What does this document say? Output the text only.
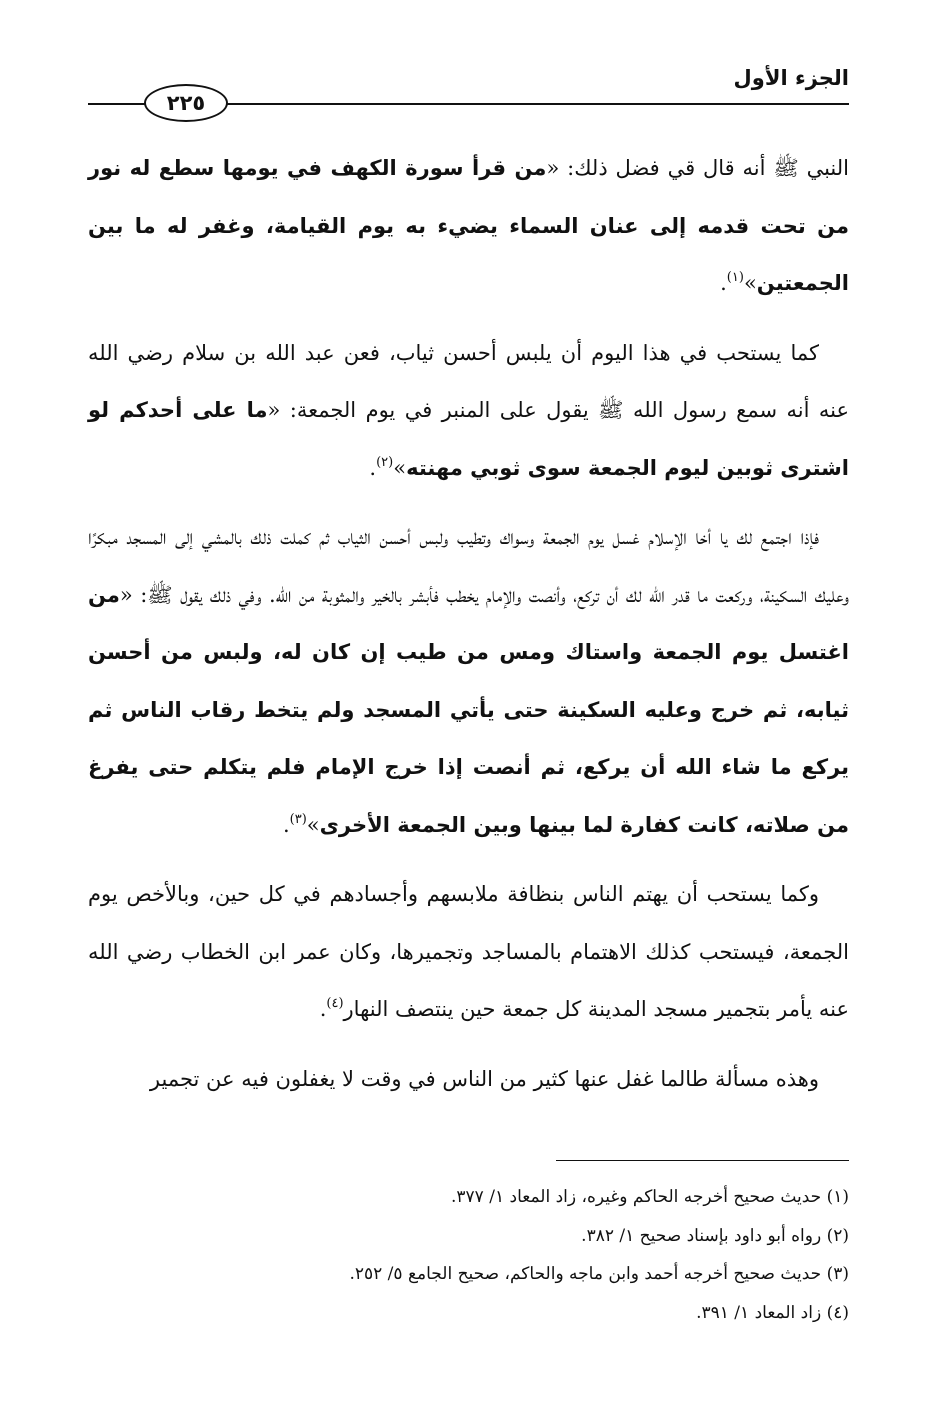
الجزء الأول
٢٢٥

النبي ﷺ أنه قال قي فضل ذلك: «من قرأ سورة الكهف في يومها سطع له نور من تحت قدمه إلى عنان السماء يضيء به يوم القيامة، وغفر له ما بين الجمعتين»$^{(١)}$.

كما يستحب في هذا اليوم أن يلبس أحسن ثياب، فعن عبد الله بن سلام رضي الله عنه أنه سمع رسول الله ﷺ يقول على المنبر في يوم الجمعة: «ما على أحدكم لو اشترى ثوبين ليوم الجمعة سوى ثوبي مهنته»$^{(٢)}$.

فإذا اجتمع لك يا أخا الإسلام غسل يوم الجمعة وسواك وتطيب ولبس أحسن الثياب ثم كملت ذلك بالمشي إلى المسجد مبكرًا وعليك السكينة، وركعت ما قدر الله لك أن تركع، وأنصت والإمام يخطب فأبشر بالخير والمثوبة من الله. وفي ذلك يقول ﷺ: «من اغتسل يوم الجمعة واستاك ومس من طيب إن كان له، ولبس من أحسن ثيابه، ثم خرج وعليه السكينة حتى يأتي المسجد ولم يتخط رقاب الناس ثم يركع ما شاء الله أن يركع، ثم أنصت إذا خرج الإمام فلم يتكلم حتى يفرغ من صلاته، كانت كفارة لما بينها وبين الجمعة الأخرى»$^{(٣)}$.

وكما يستحب أن يهتم الناس بنظافة ملابسهم وأجسادهم في كل حين، وبالأخص يوم الجمعة، فيستحب كذلك الاهتمام بالمساجد وتجميرها، وكان عمر ابن الخطاب رضي الله عنه يأمر بتجمير مسجد المدينة كل جمعة حين ينتصف النهار$^{(٤)}$.

وهذه مسألة طالما غفل عنها كثير من الناس في وقت لا يغفلون فيه عن تجمير

(١) حديث صحيح أخرجه الحاكم وغيره، زاد المعاد ١/ ٣٧٧.
(٢) رواه أبو داود بإسناد صحيح ١/ ٣٨٢.
(٣) حديث صحيح أخرجه أحمد وابن ماجه والحاكم، صحيح الجامع ٥/ ٢٥٢.
(٤) زاد المعاد ١/ ٣٩١.
